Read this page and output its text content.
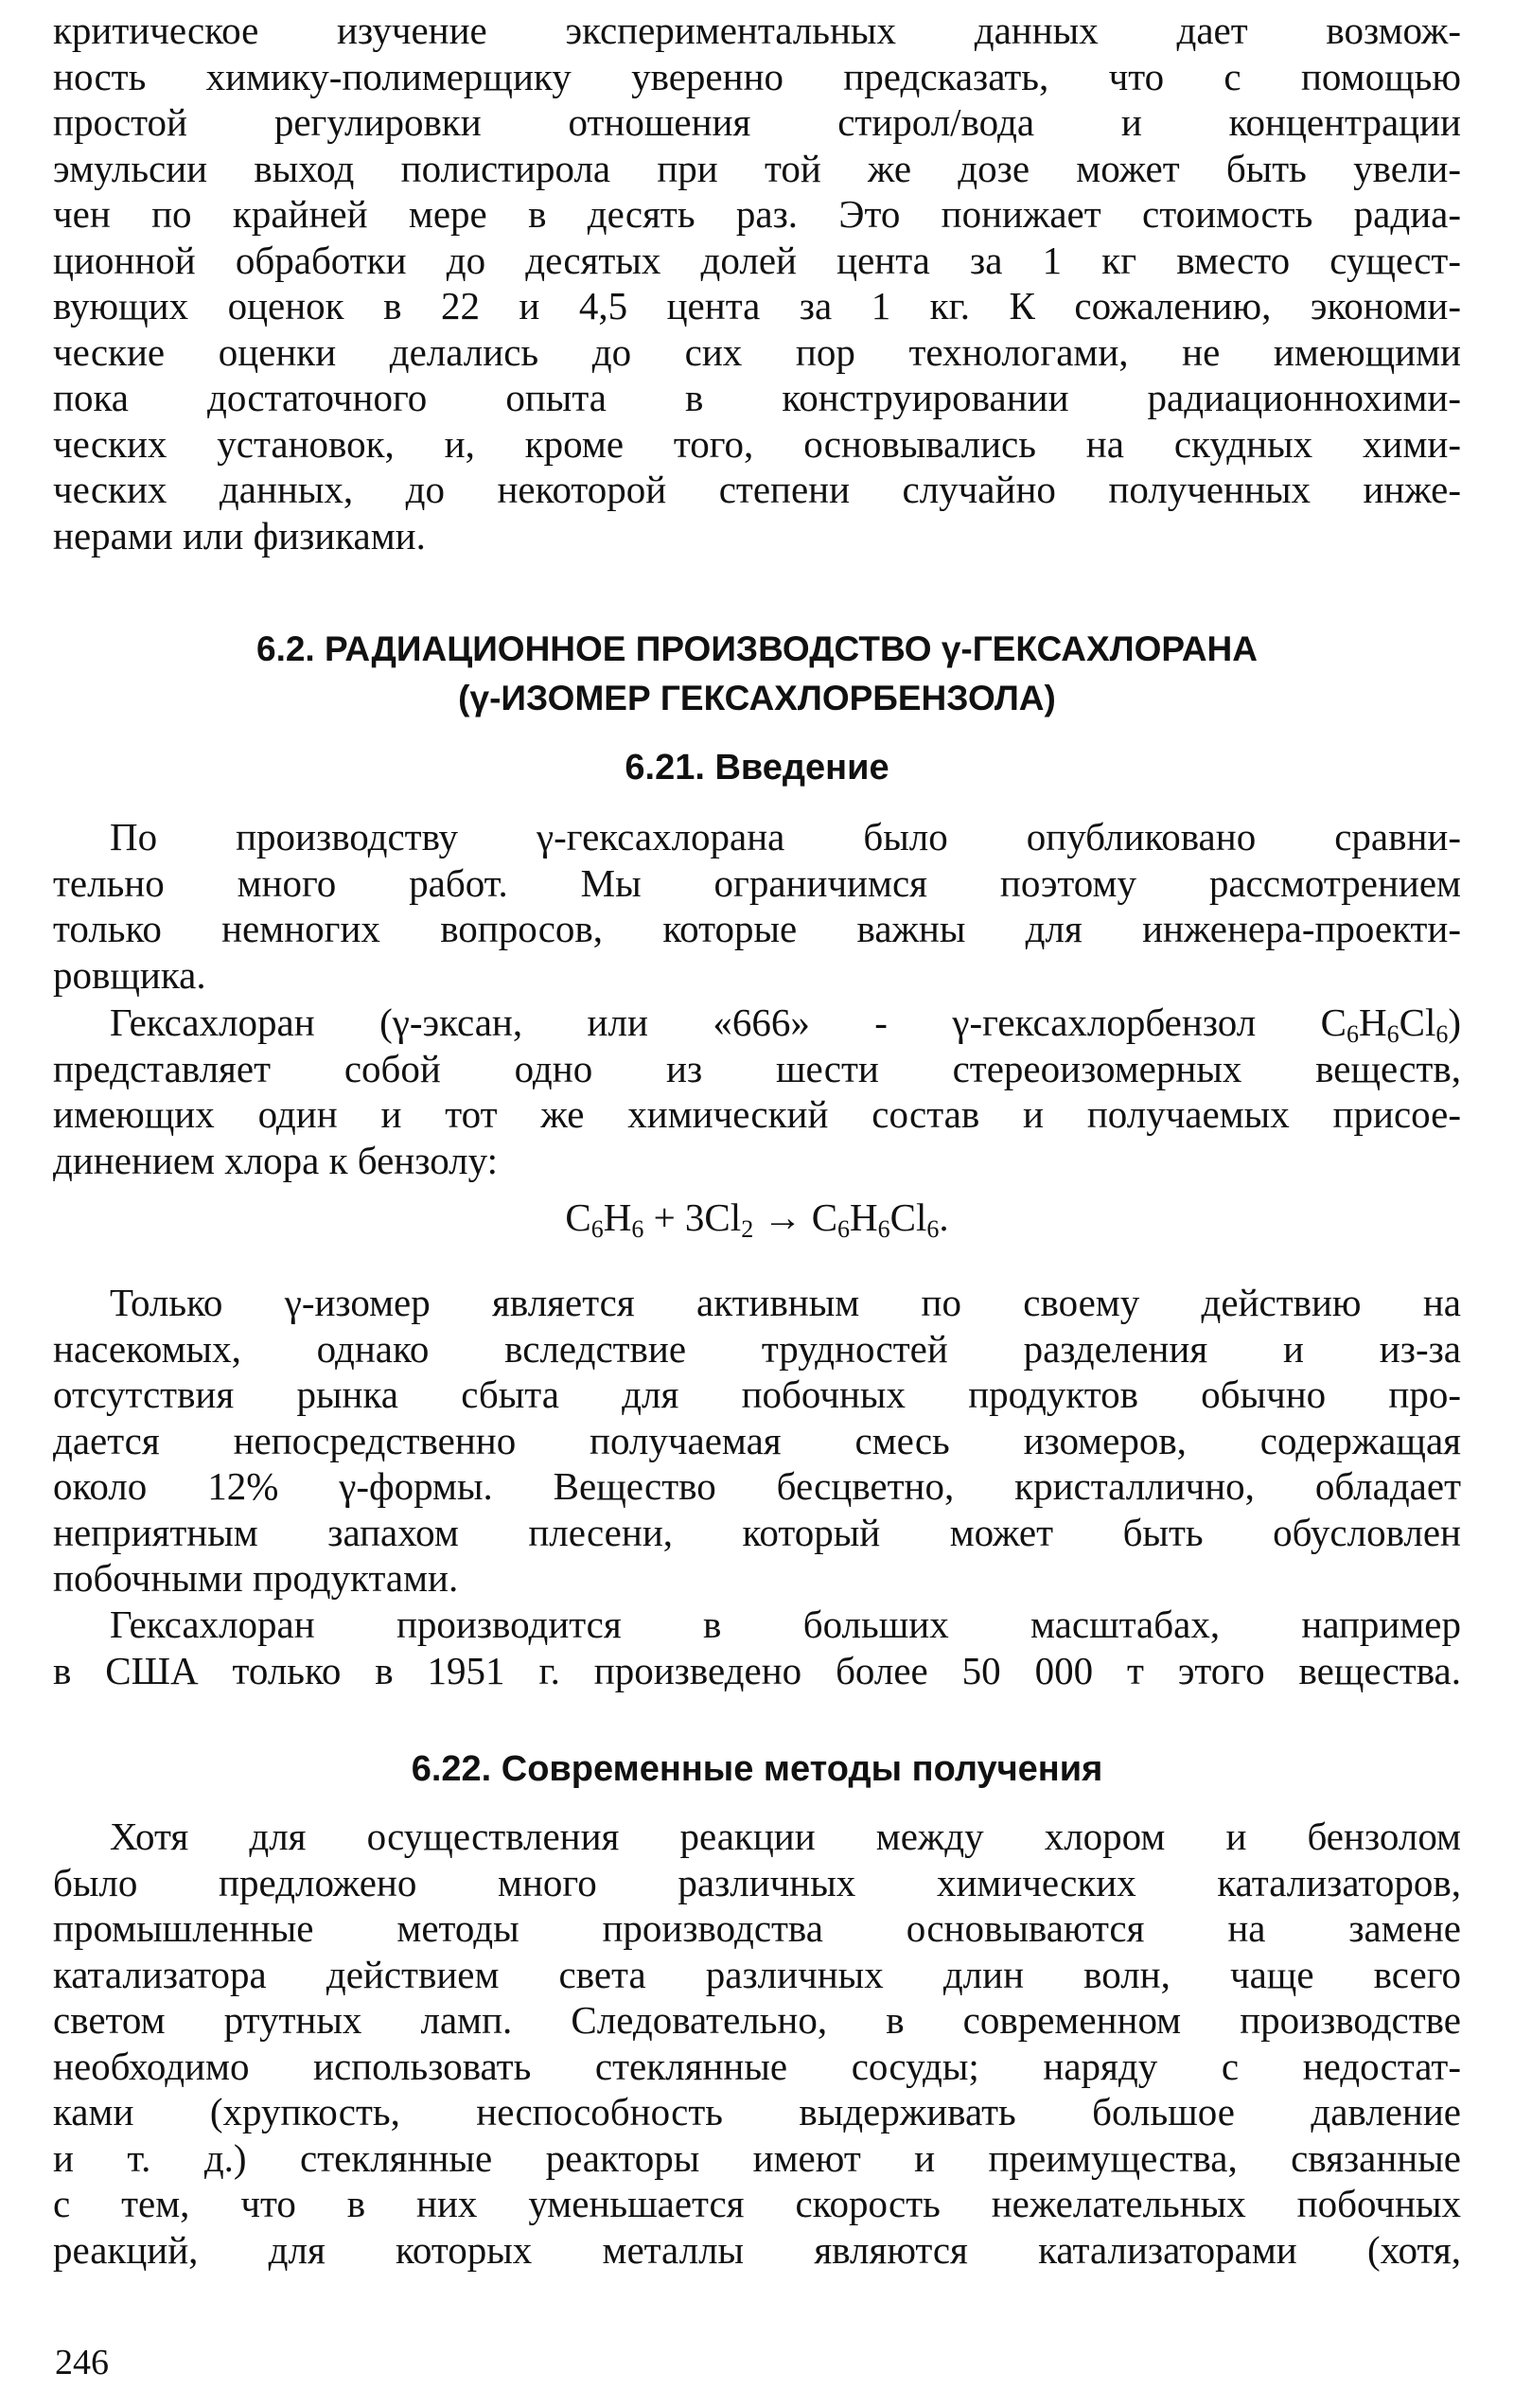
критическое изучение экспериментальных данных дает возмож-

ность химику-полимерщику уверенно предсказать, что с помощью

простой регулировки отношения стирол/вода и концентрации

эмульсии выход полистирола при той же дозе может быть увели-

чен по крайней мере в десять раз. Это понижает стоимость радиа-

ционной обработки до десятых долей цента за 1 кг вместо сущест-

вующих оценок в 22 и 4,5 цента за 1 кг. К сожалению, экономи-

ческие оценки делались до сих пор технологами, не имеющими

пока достаточного опыта в конструировании радиационнохими-

ческих установок, и, кроме того, основывались на скудных хими-

ческих данных, до некоторой степени случайно полученных инже-

нерами или физиками.

6.2. РАДИАЦИОННОЕ ПРОИЗВОДСТВО γ-ГЕКСАХЛОРАНА
(γ-ИЗОМЕР ГЕКСАХЛОРБЕНЗОЛА)
6.21. Введение

По производству γ-гексахлорана было опубликовано сравни-

тельно много работ. Мы ограничимся поэтому рассмотрением

только немногих вопросов, которые важны для инженера-проекти-

ровщика.

Гексахлоран (γ-эксан, или «666» - γ-гексахлорбензол $C_6H_6Cl_6$)

представляет собой одно из шести стереоизомерных веществ,

имеющих один и тот же химический состав и получаемых присое-

динением хлора к бензолу:

$C_6H_6 + 3Cl_2 \to C_6H_6Cl_6$.

Только γ-изомер является активным по своему действию на

насекомых, однако вследствие трудностей разделения и из-за

отсутствия рынка сбыта для побочных продуктов обычно про-

дается непосредственно получаемая смесь изомеров, содержащая

около 12% γ-формы. Вещество бесцветно, кристаллично, обладает

неприятным запахом плесени, который может быть обусловлен

побочными продуктами.

Гексахлоран производится в больших масштабах, например

в США только в 1951 г. произведено более 50 000 т этого вещества.

6.22. Современные методы получения

Хотя для осуществления реакции между хлором и бензолом

было предложено много различных химических катализаторов,

промышленные методы производства основываются на замене

катализатора действием света различных длин волн, чаще всего

светом ртутных ламп. Следовательно, в современном производстве

необходимо использовать стеклянные сосуды; наряду с недостат-

ками (хрупкость, неспособность выдерживать большое давление

и т. д.) стеклянные реакторы имеют и преимущества, связанные

с тем, что в них уменьшается скорость нежелательных побочных

реакций, для которых металлы являются катализаторами (хотя,

246
